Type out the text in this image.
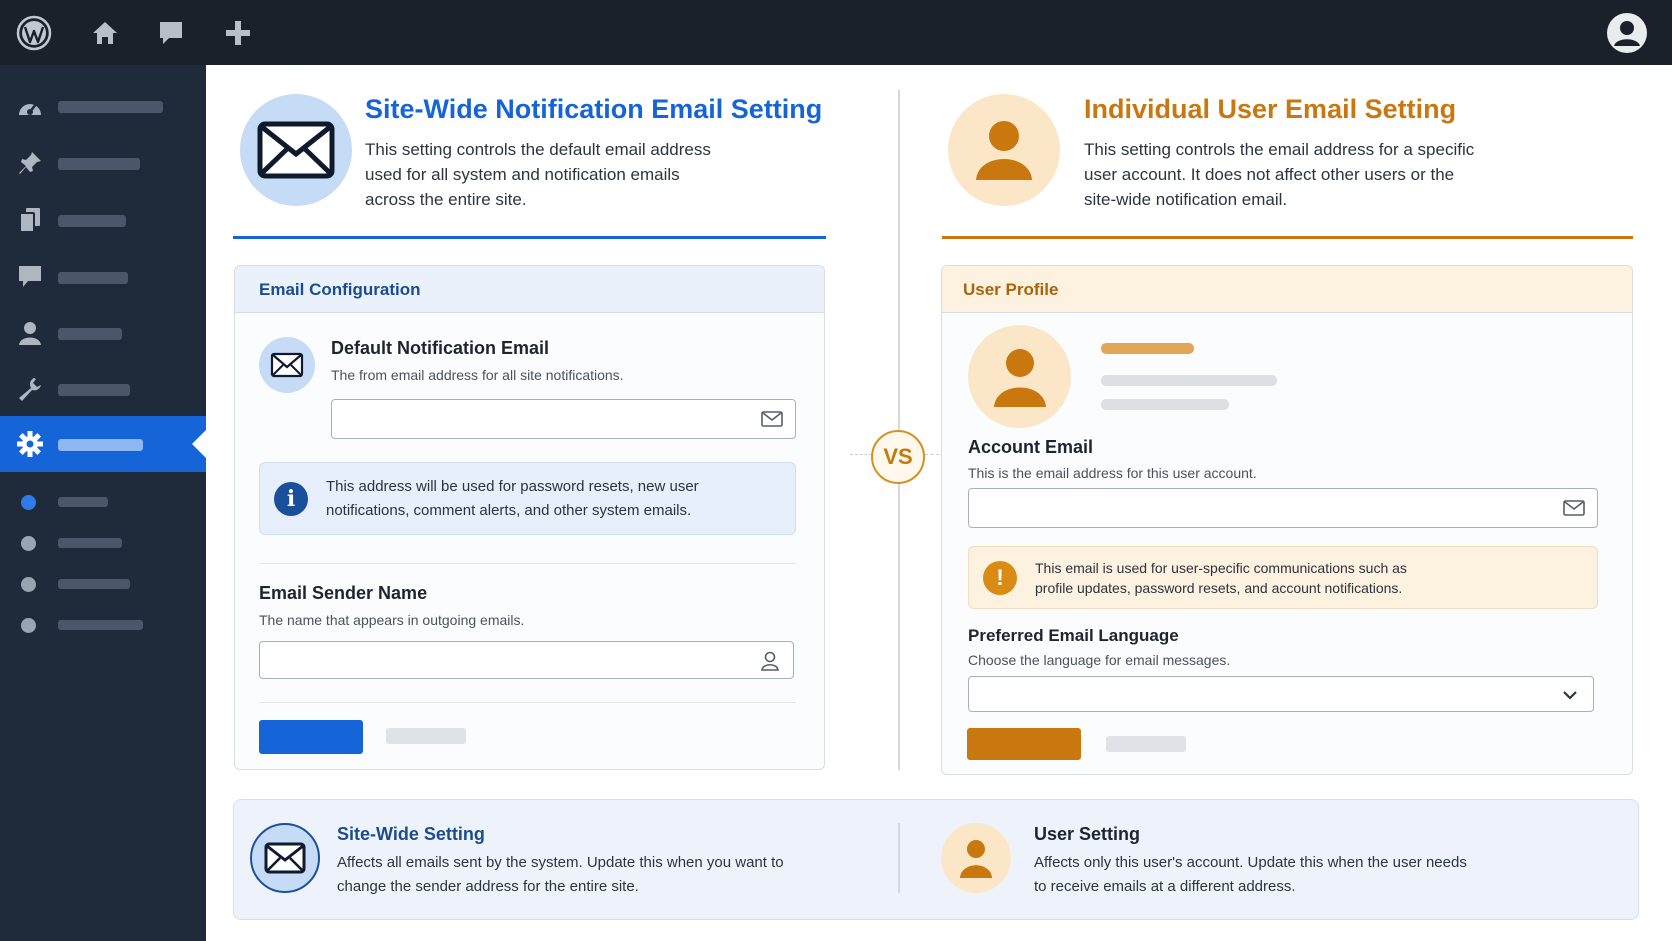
Site-Wide Notification Email Setting
This setting controls the default email address
used for all system and notification emails
across the entire site.
Individual User Email Setting
This setting controls the email address for a specific
user account. It does not affect other users or the
site-wide notification email.
VS
Email Configuration
Default Notification Email
The from email address for all site notifications.
i	This address will be used for password resets, new user
notifications, comment alerts, and other system emails.
Email Sender Name
The name that appears in outgoing emails.
User Profile
Account Email
This is the email address for this user account.
!	This email is used for user-specific communications such as
profile updates, password resets, and account notifications.
Preferred Email Language
Choose the language for email messaɡes.
Site-Wide Setting
Affects all emails sent by the system. Update this when you want to
change the sender address for the entire site.
User Setting
Affects only this user's account. Update this when the user needs
to receive emails at a different address.
